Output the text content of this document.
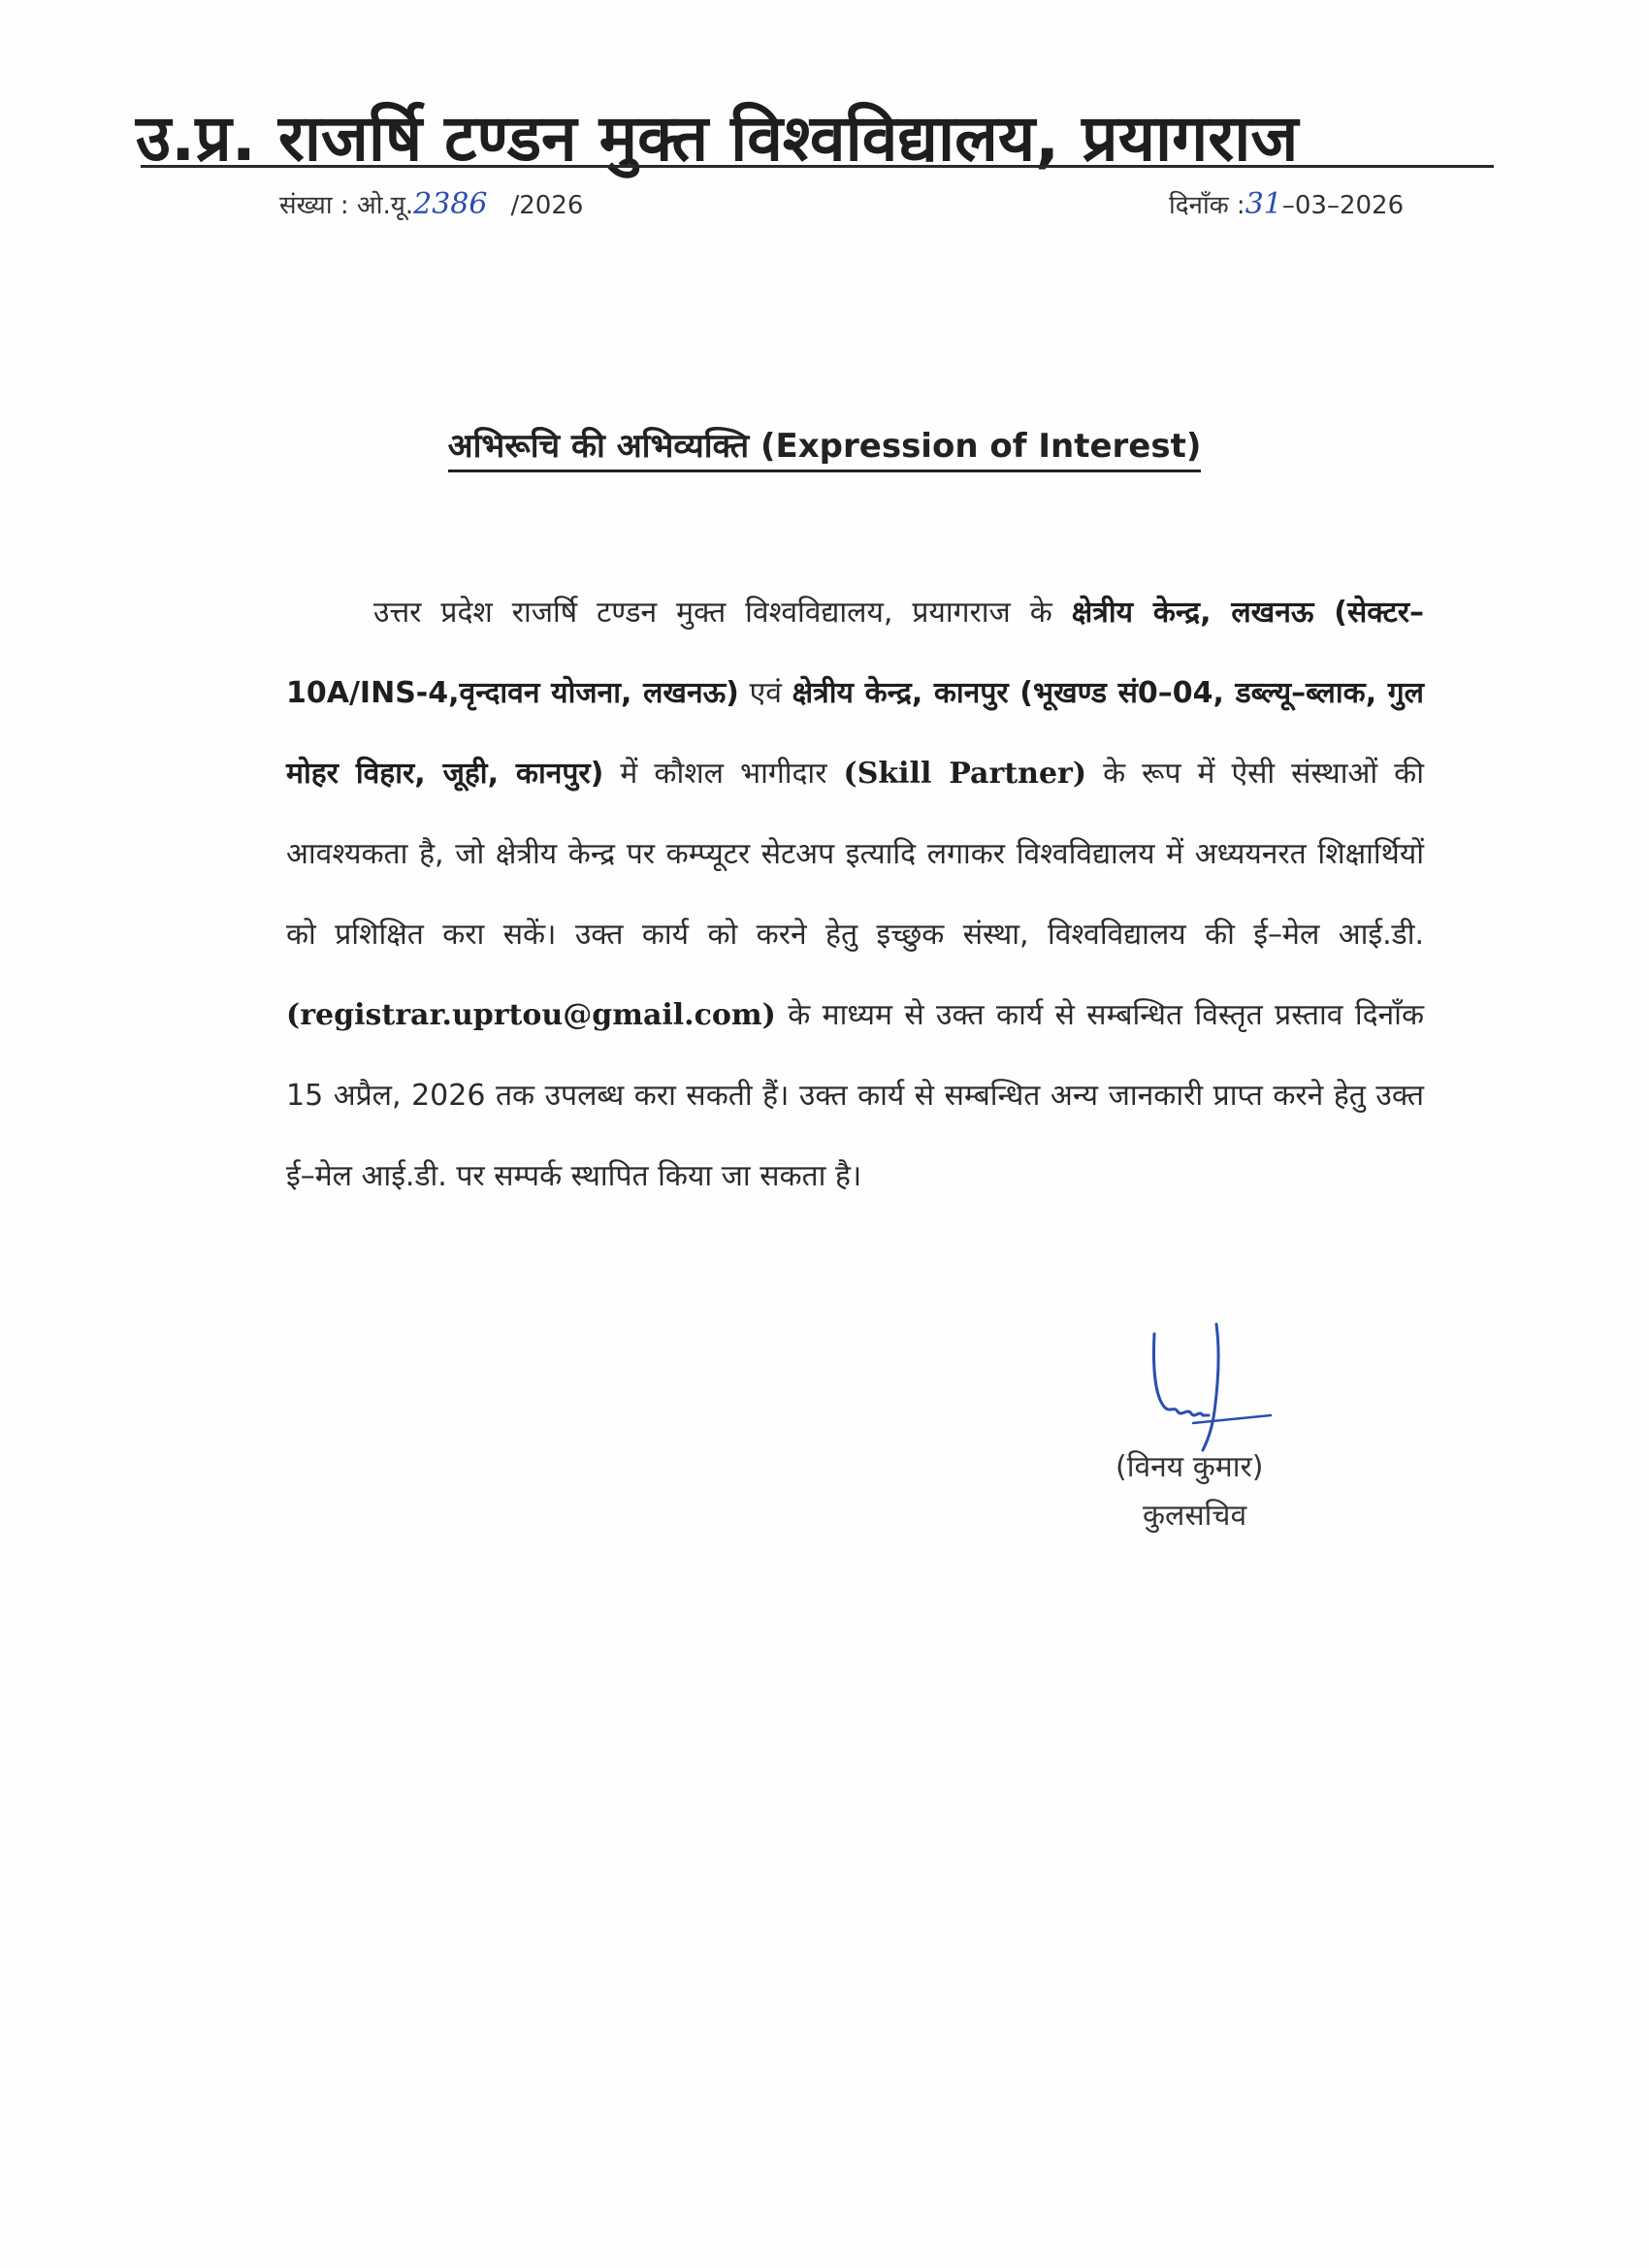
उ.प्र. राजर्षि टण्डन मुक्त विश्वविद्यालय, प्रयागराज
संख्या : ओ.यू.2386 /2026	दिनाँक :31–03–2026
अभिरूचि की अभिव्यक्ति (Expression of Interest)
उत्तर प्रदेश राजर्षि टण्डन मुक्त विश्वविद्यालय, प्रयागराज के क्षेत्रीय केन्द्र, लखनऊ (सेक्टर–10A/INS-4,वृन्दावन योजना, लखनऊ) एवं क्षेत्रीय केन्द्र, कानपुर (भूखण्ड सं0–04, डब्ल्यू–ब्लाक, गुल मोहर विहार, जूही, कानपुर) में कौशल भागीदार (Skill Partner) के रूप में ऐसी संस्थाओं की आवश्यकता है, जो क्षेत्रीय केन्द्र पर कम्प्यूटर सेटअप इत्यादि लगाकर विश्वविद्यालय में अध्ययनरत शिक्षार्थियों को प्रशिक्षित करा सकें। उक्त कार्य को करने हेतु इच्छुक संस्था, विश्वविद्यालय की ई–मेल आई.डी. (registrar.uprtou@gmail.com) के माध्यम से उक्त कार्य से सम्बन्धित विस्तृत प्रस्ताव दिनाँक 15 अप्रैल, 2026 तक उपलब्ध करा सकती हैं। उक्त कार्य से सम्बन्धित अन्य जानकारी प्राप्त करने हेतु उक्त ई–मेल आई.डी. पर सम्पर्क स्थापित किया जा सकता है।
(विनय कुमार)
कुलसचिव
